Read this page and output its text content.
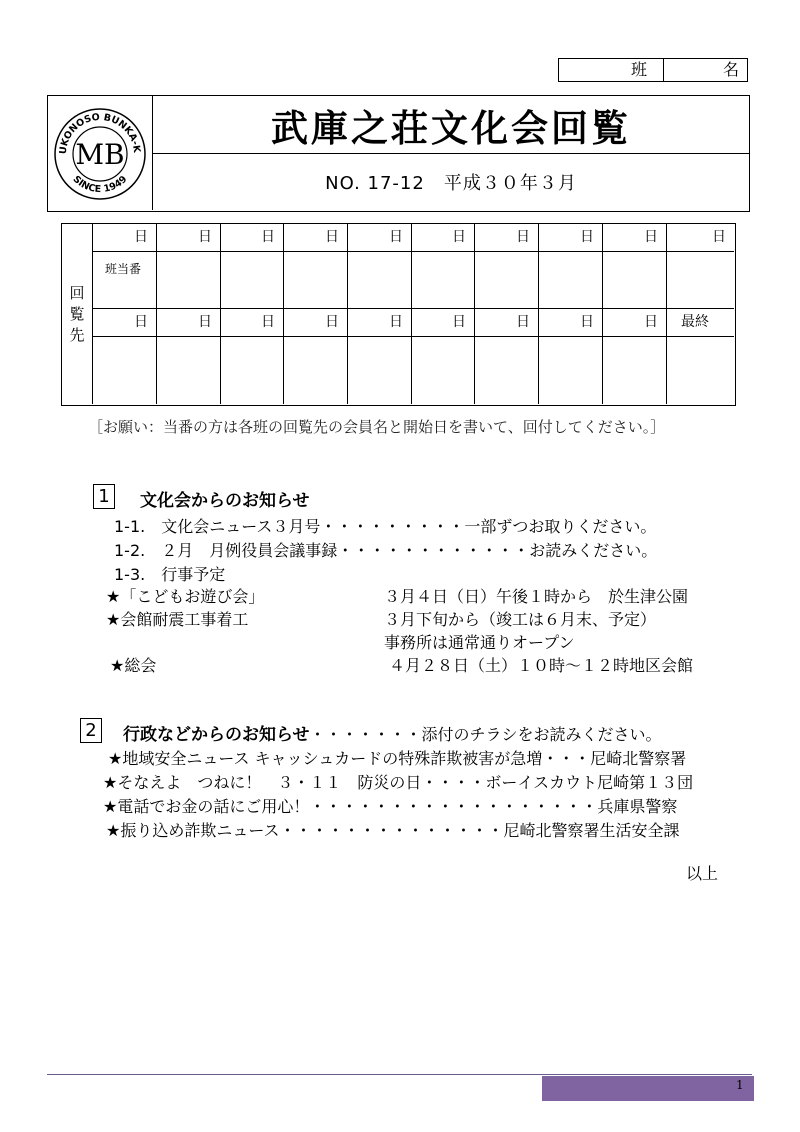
班	名
UKONOSO BUNKA-K
SINCE 1949
MB
武庫之荘文化会回覧
NO. 17-12　平成３０年３月
回
覧
先
日	日	日	日	日	日	日	日	日	日
班当番
日	日	日	日	日	日	日	日	日	最終
［お願い：当番の方は各班の回覧先の会員名と開始日を書いて、回付してください。］
1	文化会からのお知らせ
1-1.　文化会ニュース３月号・・・・・・・・・一部ずつお取りください。
1-2.　２月　月例役員会議事録・・・・・・・・・・・・お読みください。
1-3.　行事予定
★「こどもお遊び会」	３月４日（日）午後１時から　於生津公園
★会館耐震工事着工	３月下旬から（竣工は６月末、予定）
事務所は通常通りオープン
★総会	４月２８日（土）１０時～１２時地区会館
2	行政などからのお知らせ・・・・・・・添付のチラシをお読みください。
★地域安全ニュース キャッシュカードの特殊詐欺被害が急増・・・尼崎北警察署
★そなえよ　つねに！　３・１１　防災の日・・・・ボーイスカウト尼崎第１３団
★電話でお金の話にご用心！・・・・・・・・・・・・・・・・・・兵庫県警察
★振り込め詐欺ニュース・・・・・・・・・・・・・・尼崎北警察署生活安全課
以上
1
